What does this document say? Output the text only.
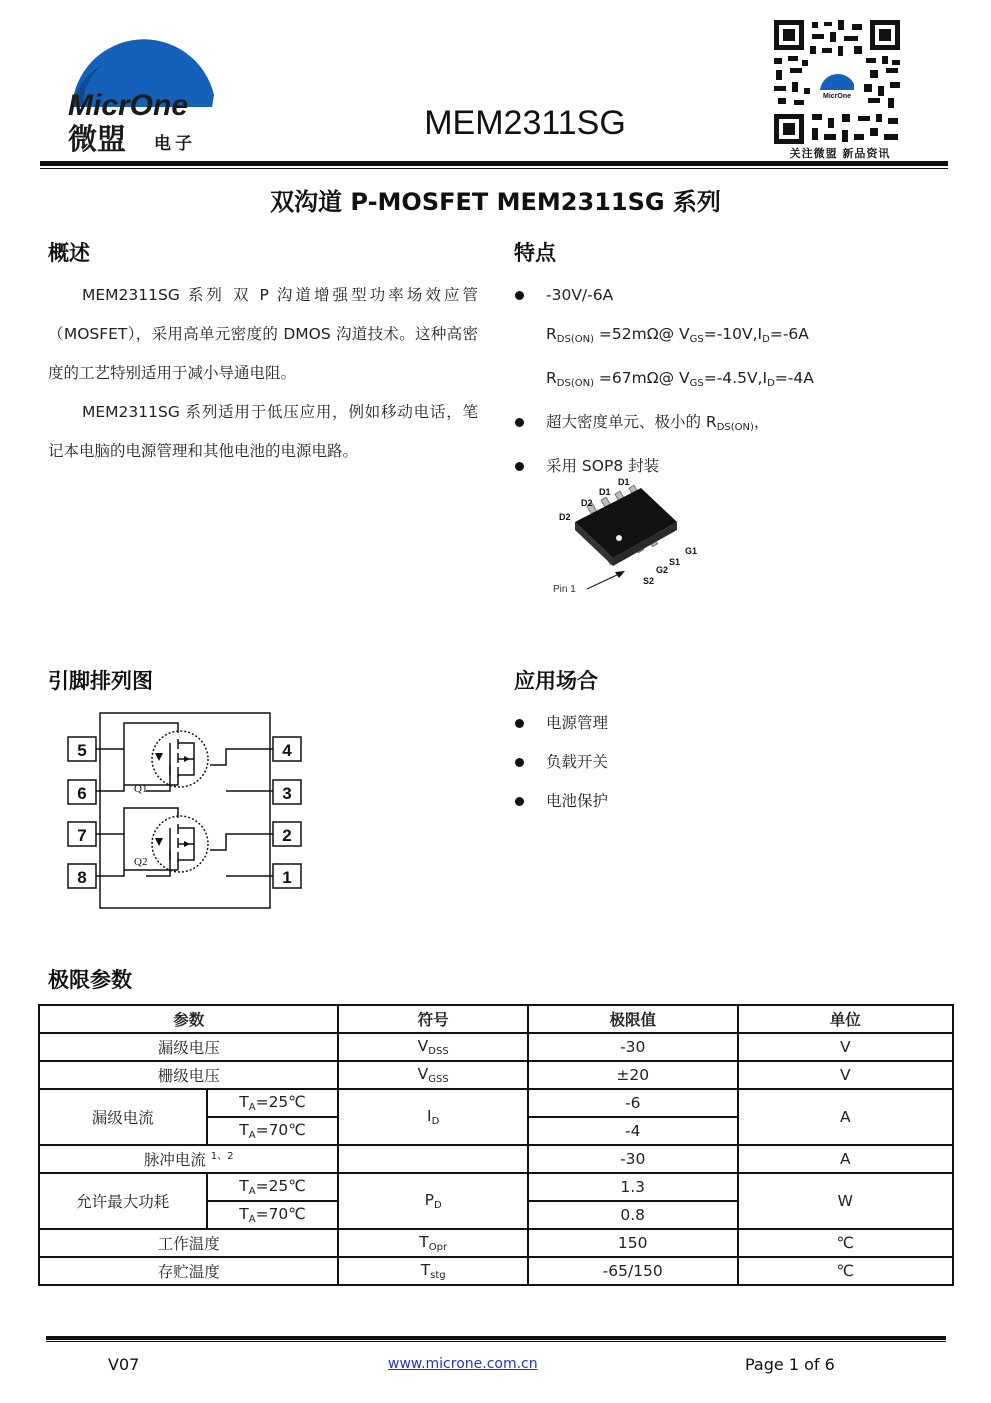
MicrOne
微盟 电子
MEM2311SG
MicrOne
关注微盟 新品资讯
双沟道 P-MOSFET MEM2311SG 系列
概述
MEM2311SG 系列 双 P 沟道增强型功率场效应管（MOSFET），采用高单元密度的 DMOS 沟道技术。这种高密度的工艺特别适用于减小导通电阻。
MEM2311SG 系列适用于低压应用，例如移动电话，笔记本电脑的电源管理和其他电池的电源电路。
特点
-30V/-6A
$R_{DS(ON)}$ =52mΩ@ $V_{GS}=-10V,I_D=-6A$
$R_{DS(ON)}$ =67mΩ@ $V_{GS}=-4.5V,I_D=-4A$
超大密度单元、极小的 $R_{DS(ON)}$，
采用 SOP8 封装
D1
D1
D2
D2
G1
S1
G2
S2
Pin 1
引脚排列图
5
6
7
8
4
3
2
1
Q1
Q2
应用场合
电源管理
负载开关
电池保护
极限参数
参数		符号	极限值	单位
漏级电压		$V_{DSS}$	-30	V
栅级电压		$V_{GSS}$	±20	V
漏级电流	$T_A=25℃$	$I_D$	-6	A
	$T_A=70℃$		-4	
脉冲电流 $^{1、2}$			-30	A
允许最大功耗	$T_A=25℃$	$P_D$	1.3	W
	$T_A=70℃$		0.8	
工作温度		$T_{Opr}$	150	℃
存贮温度		$T_{stg}$	-65/150	℃
V07	www.microne.com.cn	Page 1 of 6
